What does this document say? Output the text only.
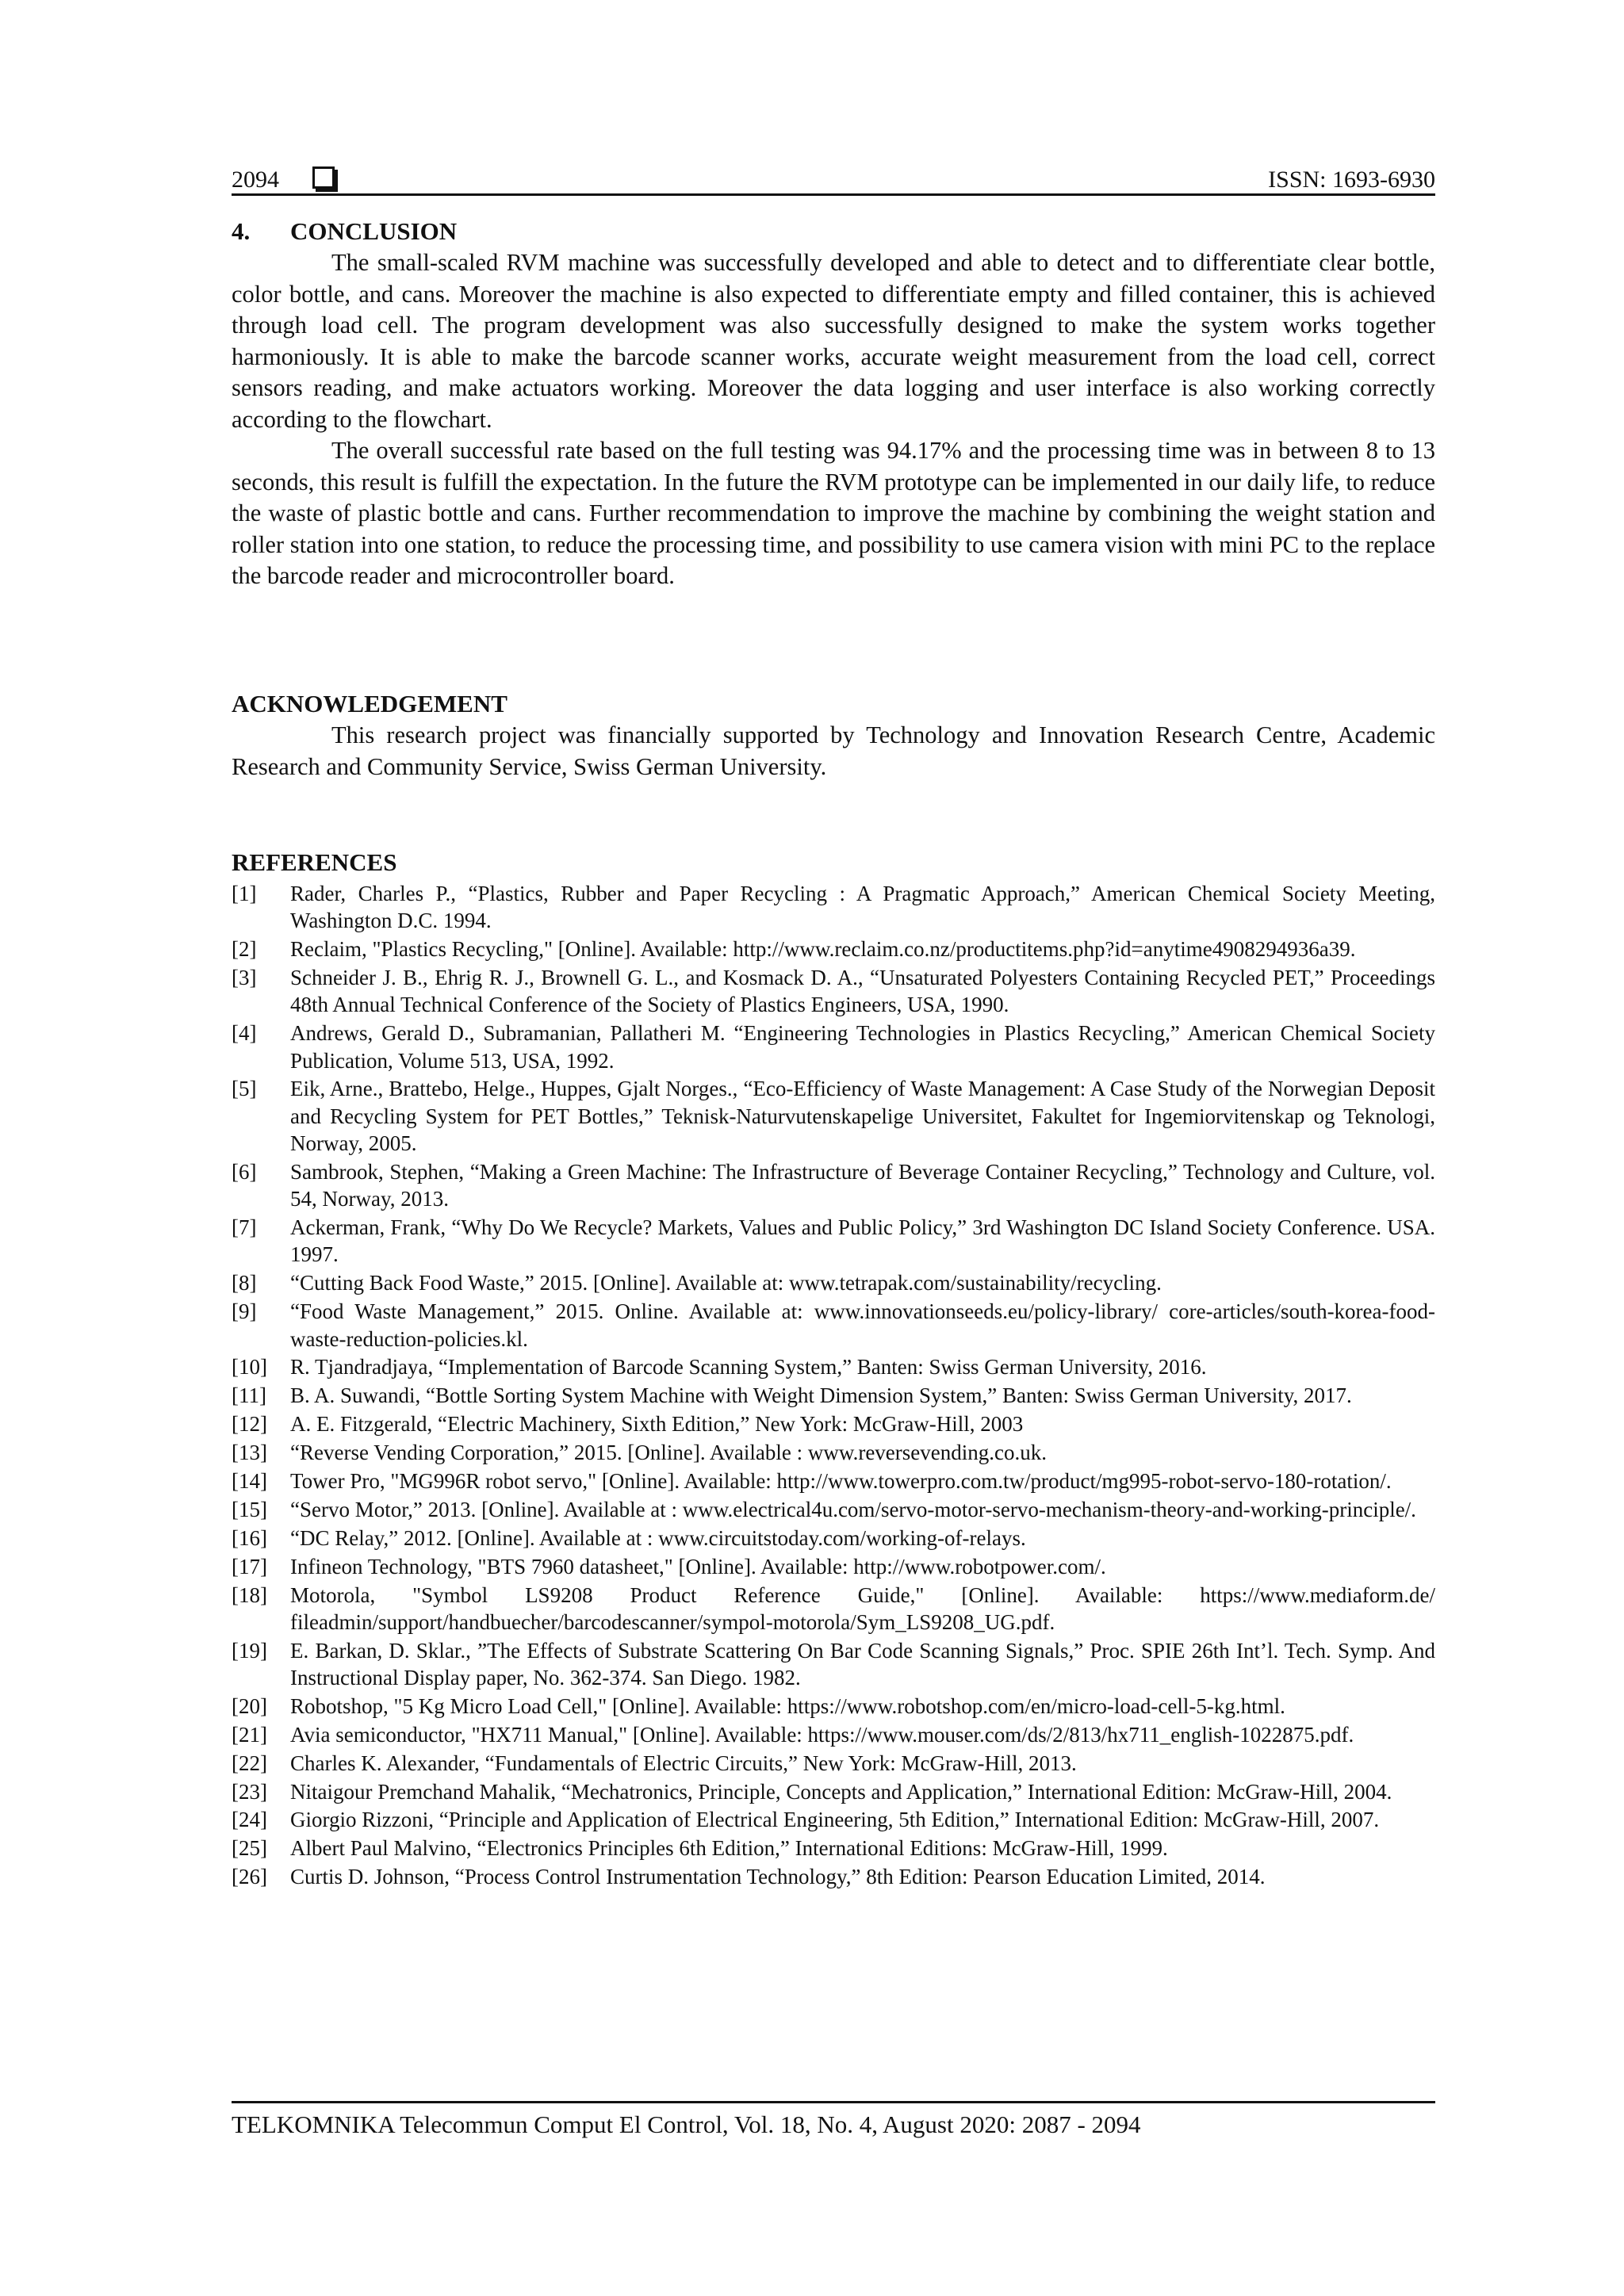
2094	ISSN: 1693-6930
4. CONCLUSION

The small-scaled RVM machine was successfully developed and able to detect and to differentiate clear bottle, color bottle, and cans. Moreover the machine is also expected to differentiate empty and filled container, this is achieved through load cell. The program development was also successfully designed to make the system works together harmoniously. It is able to make the barcode scanner works, accurate weight measurement from the load cell, correct sensors reading, and make actuators working. Moreover the data logging and user interface is also working correctly according to the flowchart.

The overall successful rate based on the full testing was 94.17% and the processing time was in between 8 to 13 seconds, this result is fulfill the expectation. In the future the RVM prototype can be implemented in our daily life, to reduce the waste of plastic bottle and cans. Further recommendation to improve the machine by combining the weight station and roller station into one station, to reduce the processing time, and possibility to use camera vision with mini PC to the replace the barcode reader and microcontroller board.

ACKNOWLEDGEMENT

This research project was financially supported by Technology and Innovation Research Centre, Academic Research and Community Service, Swiss German University.

REFERENCES
[1]	Rader, Charles P., “Plastics, Rubber and Paper Recycling : A Pragmatic Approach,” American Chemical Society Meeting, Washington D.C. 1994.
[2]	Reclaim, "Plastics Recycling," [Online]. Available: http://www.reclaim.co.nz/productitems.php?id=anytime4908294936a39.
[3]	Schneider J. B., Ehrig R. J., Brownell G. L., and Kosmack D. A., “Unsaturated Polyesters Containing Recycled PET,” Proceedings 48th Annual Technical Conference of the Society of Plastics Engineers, USA, 1990.
[4]	Andrews, Gerald D., Subramanian, Pallatheri M. “Engineering Technologies in Plastics Recycling,” American Chemical Society Publication, Volume 513, USA, 1992.
[5]	Eik, Arne., Brattebo, Helge., Huppes, Gjalt Norges., “Eco-Efficiency of Waste Management: A Case Study of the Norwegian Deposit and Recycling System for PET Bottles,” Teknisk-Naturvutenskapelige Universitet, Fakultet for Ingemiorvitenskap og Teknologi, Norway, 2005.
[6]	Sambrook, Stephen, “Making a Green Machine: The Infrastructure of Beverage Container Recycling,” Technology and Culture, vol. 54, Norway, 2013.
[7]	Ackerman, Frank, “Why Do We Recycle? Markets, Values and Public Policy,” 3rd Washington DC Island Society Conference. USA. 1997.
[8]	“Cutting Back Food Waste,” 2015. [Online]. Available at: www.tetrapak.com/sustainability/recycling.
[9]	“Food Waste Management,” 2015. Online. Available at: www.innovationseeds.eu/policy-library/ core-articles/south-korea-food-waste-reduction-policies.kl.
[10]	R. Tjandradjaya, “Implementation of Barcode Scanning System,” Banten: Swiss German University, 2016.
[11]	B. A. Suwandi, “Bottle Sorting System Machine with Weight Dimension System,” Banten: Swiss German University, 2017.
[12]	A. E. Fitzgerald, “Electric Machinery, Sixth Edition,” New York: McGraw-Hill, 2003
[13]	“Reverse Vending Corporation,” 2015. [Online]. Available : www.reversevending.co.uk.
[14]	Tower Pro, "MG996R robot servo," [Online]. Available: http://www.towerpro.com.tw/product/mg995-robot-servo-180-rotation/.
[15]	“Servo Motor,” 2013. [Online]. Available at : www.electrical4u.com/servo-motor-servo-mechanism-theory-and-working-principle/.
[16]	“DC Relay,” 2012. [Online]. Available at : www.circuitstoday.com/working-of-relays.
[17]	Infineon Technology, "BTS 7960 datasheet," [Online]. Available: http://www.robotpower.com/.
[18]	Motorola, "Symbol LS9208 Product Reference Guide," [Online]. Available: https://www.mediaform.de/ fileadmin/support/handbuecher/barcodescanner/sympol-motorola/Sym_LS9208_UG.pdf.
[19]	E. Barkan, D. Sklar., ”The Effects of Substrate Scattering On Bar Code Scanning Signals,” Proc. SPIE 26th Int’l. Tech. Symp. And Instructional Display paper, No. 362-374. San Diego. 1982.
[20]	Robotshop, "5 Kg Micro Load Cell," [Online]. Available: https://www.robotshop.com/en/micro-load-cell-5-kg.html.
[21]	Avia semiconductor, "HX711 Manual," [Online]. Available: https://www.mouser.com/ds/2/813/hx711_english-1022875.pdf.
[22]	Charles K. Alexander, “Fundamentals of Electric Circuits,” New York: McGraw-Hill, 2013.
[23]	Nitaigour Premchand Mahalik, “Mechatronics, Principle, Concepts and Application,” International Edition: McGraw-Hill, 2004.
[24]	Giorgio Rizzoni, “Principle and Application of Electrical Engineering, 5th Edition,” International Edition: McGraw-Hill, 2007.
[25]	Albert Paul Malvino, “Electronics Principles 6th Edition,” International Editions: McGraw-Hill, 1999.
[26]	Curtis D. Johnson, “Process Control Instrumentation Technology,” 8th Edition: Pearson Education Limited, 2014.
TELKOMNIKA Telecommun Comput El Control, Vol. 18, No. 4, August 2020: 2087 - 2094
